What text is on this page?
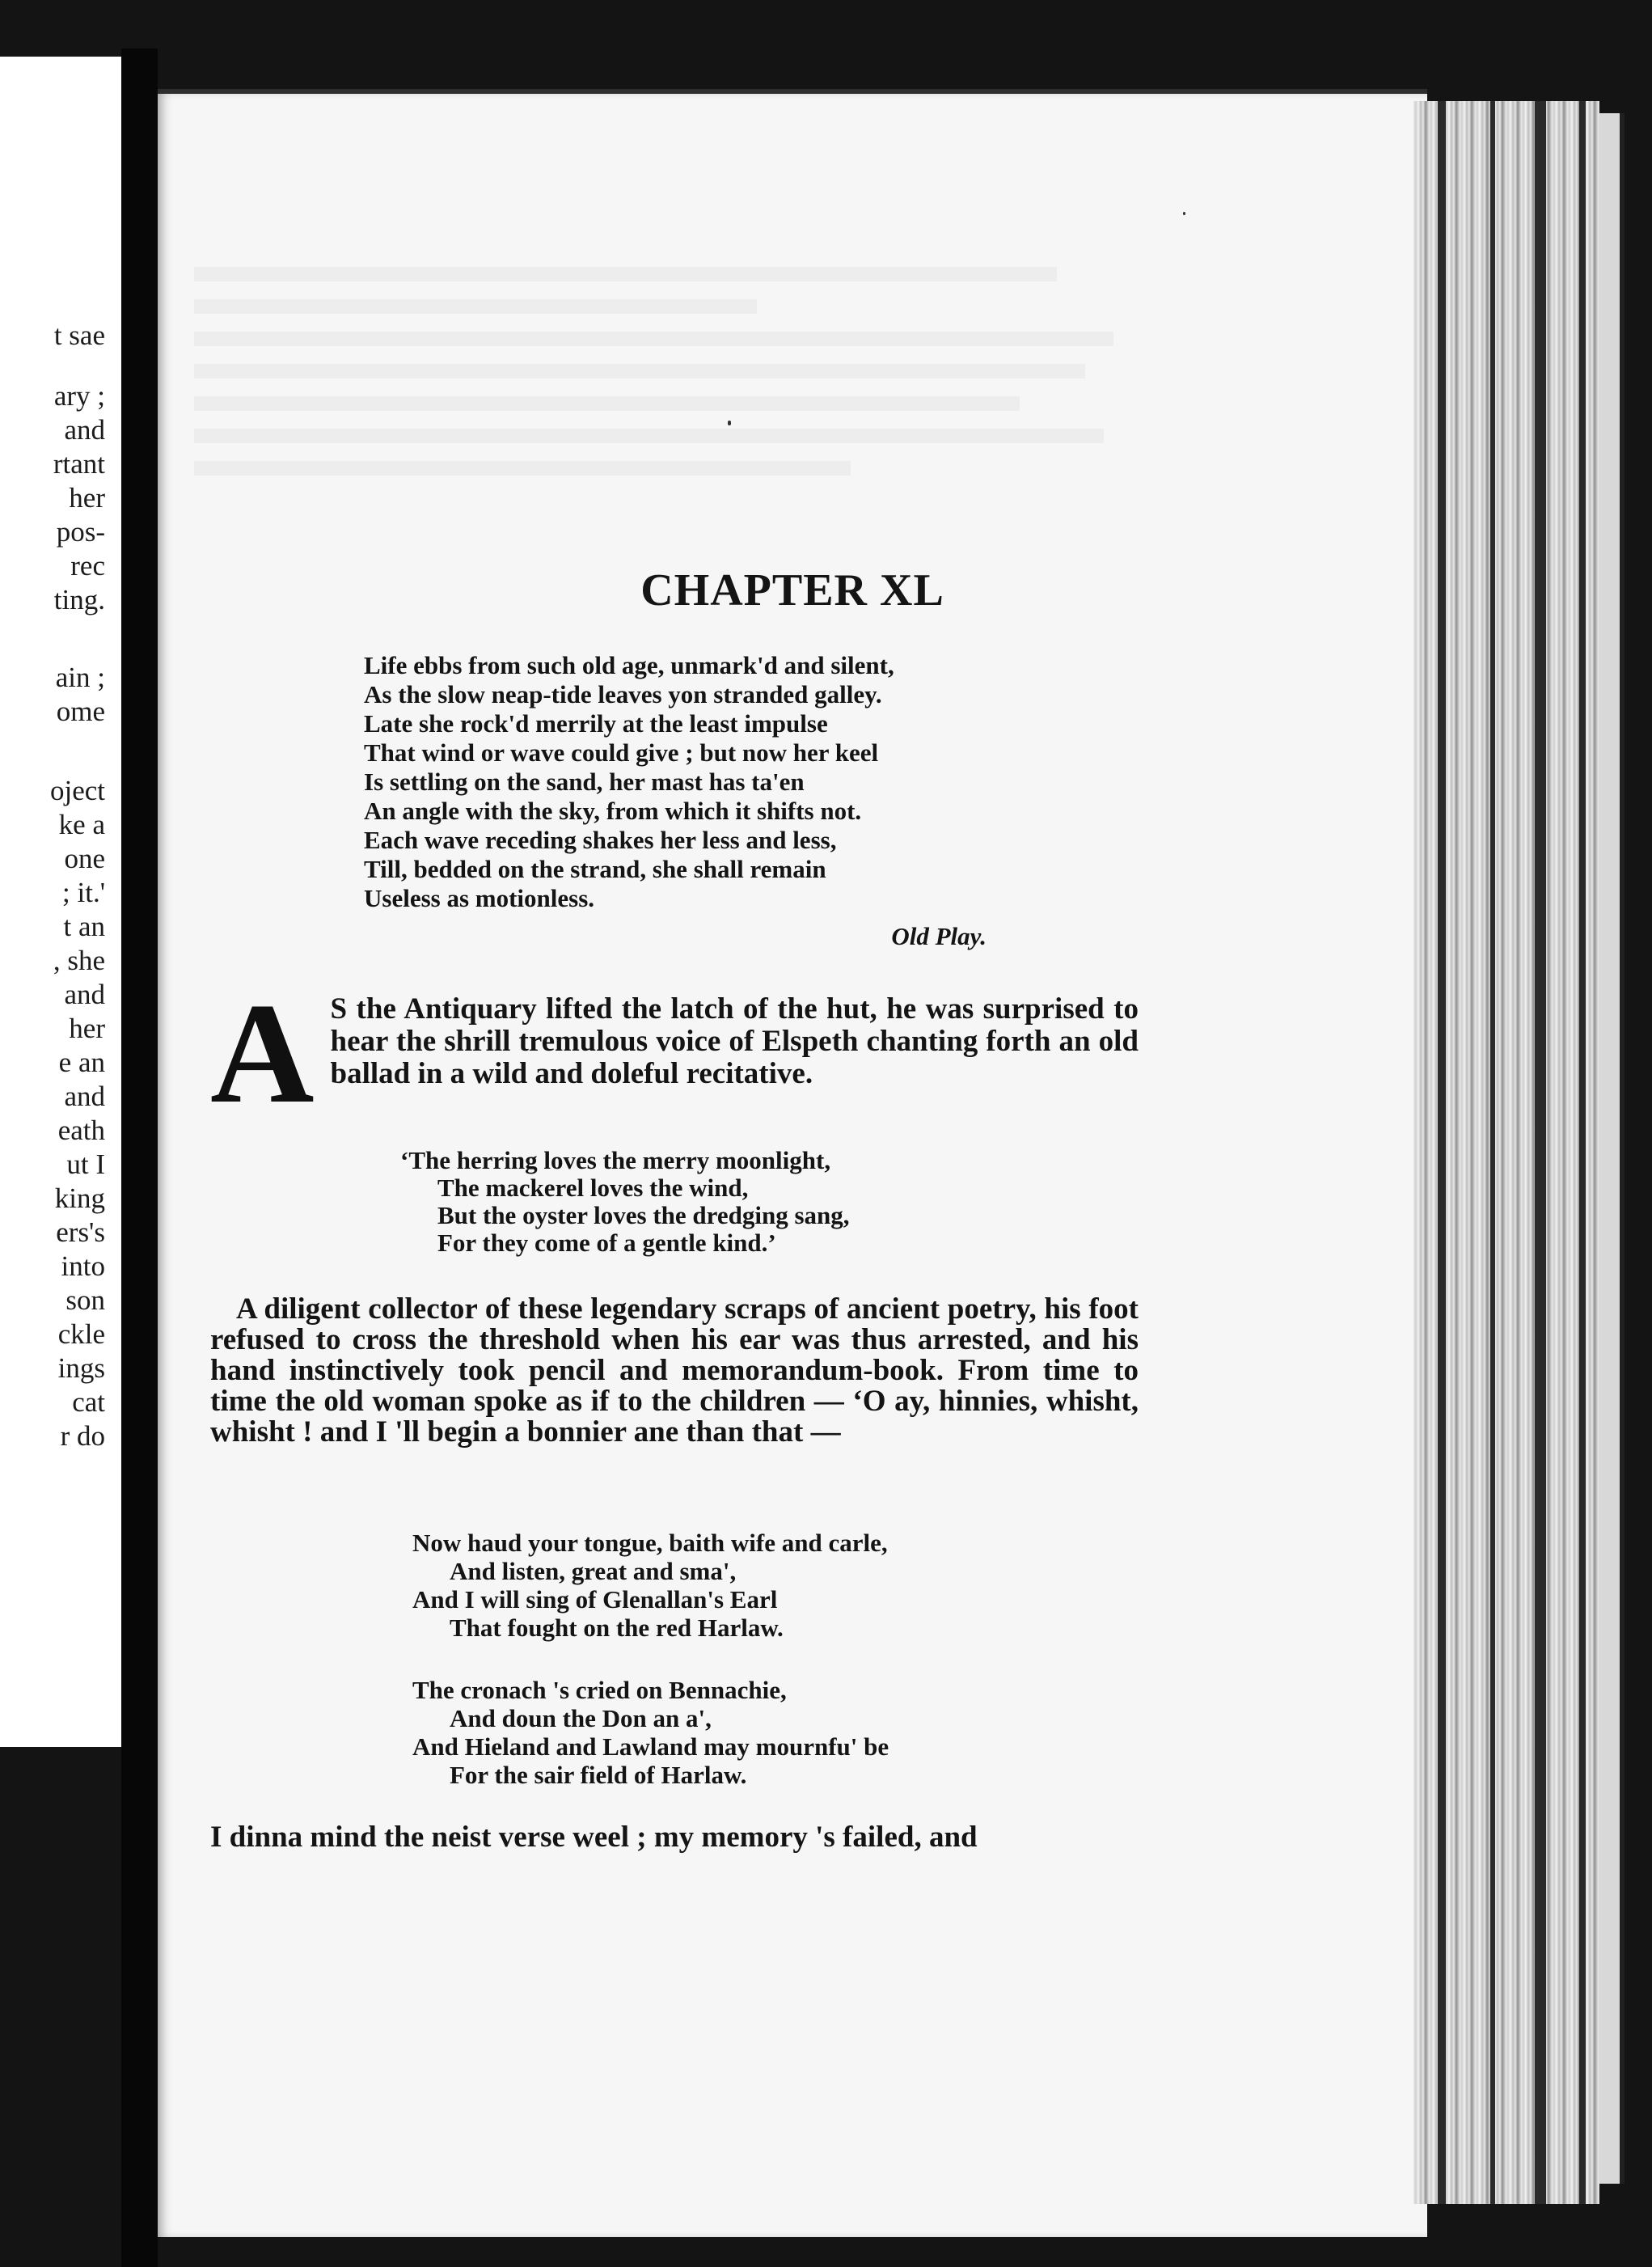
t sae
ary ;
and
rtant
her
pos-
rec
ting.
ain ;
ome
oject
ke a
one
; it.'
t an
, she
and
her
e an
and
eath
ut I
king
ers's
into
son
ckle
ings
cat
r do
CHAPTER XL
Life ebbs from such old age, unmark'd and silent,
As the slow neap-tide leaves yon stranded galley.
Late she rock'd merrily at the least impulse
That wind or wave could give ; but now her keel
Is settling on the sand, her mast has ta'en
An angle with the sky, from which it shifts not.
Each wave receding shakes her less and less,
Till, bedded on the strand, she shall remain
Useless as motionless.
Old Play.
A S the Antiquary lifted the latch of the hut, he was surprised to hear the shrill tremulous voice of Elspeth chanting forth an old ballad in a wild and doleful recitative.
‘The herring loves the merry moonlight,
The mackerel loves the wind,
But the oyster loves the dredging sang,
For they come of a gentle kind.’
A diligent collector of these legendary scraps of ancient poetry, his foot refused to cross the threshold when his ear was thus arrested, and his hand instinctively took pencil and memorandum-book. From time to time the old woman spoke as if to the children — ‘O ay, hinnies, whisht, whisht ! and I 'll begin a bonnier ane than that —
Now haud your tongue, baith wife and carle,
And listen, great and sma',
And I will sing of Glenallan's Earl
That fought on the red Harlaw.
The cronach 's cried on Bennachie,
And doun the Don an a',
And Hieland and Lawland may mournfu' be
For the sair field of Harlaw.
I dinna mind the neist verse weel ; my memory 's failed, and
